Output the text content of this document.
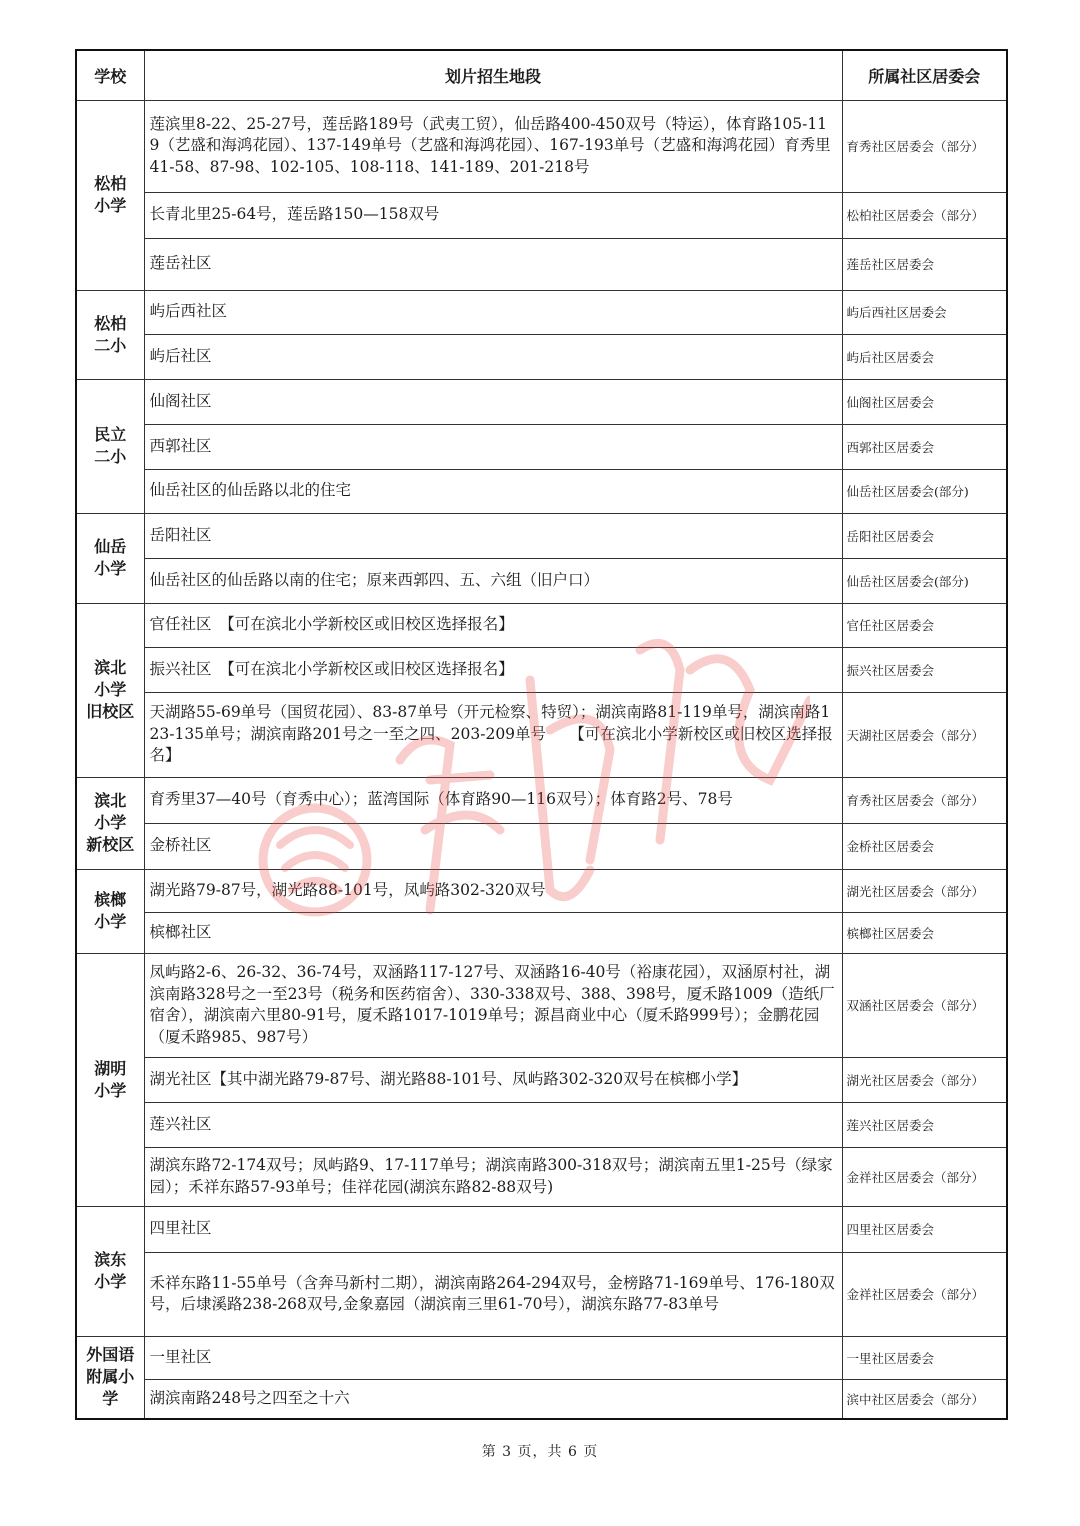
学校	划片招生地段	所属社区居委会
松柏
小学	莲滨里8-22、25-27号，莲岳路189号（武夷工贸），仙岳路400-450双号（特运），体育路105-119（艺盛和海鸿花园）、137-149单号（艺盛和海鸿花园）、167-193单号（艺盛和海鸿花园）育秀里41-58、87-98、102-105、108-118、141-189、201-218号	育秀社区居委会（部分）
	长青北里25-64号，莲岳路150—158双号	松柏社区居委会（部分）
	莲岳社区	莲岳社区居委会
松柏
二小	屿后西社区	屿后西社区居委会
	屿后社区	屿后社区居委会
民立
二小	仙阁社区	仙阁社区居委会
	西郭社区	西郭社区居委会
	仙岳社区的仙岳路以北的住宅	仙岳社区居委会(部分)
仙岳
小学	岳阳社区	岳阳社区居委会
	仙岳社区的仙岳路以南的住宅；原来西郭四、五、六组（旧户口）	仙岳社区居委会(部分)
滨北
小学
旧校区	官任社区　【可在滨北小学新校区或旧校区选择报名】	官任社区居委会
	振兴社区　【可在滨北小学新校区或旧校区选择报名】	振兴社区居委会
	天湖路55-69单号（国贸花园）、83-87单号（开元检察、特贸）；湖滨南路81-119单号，湖滨南路123-135单号；湖滨南路201号之一至之四、203-209单号　　【可在滨北小学新校区或旧校区选择报名】	天湖社区居委会（部分）
滨北
小学
新校区	育秀里37—40号（育秀中心）；蓝湾国际（体育路90—116双号）；体育路2号、78号	育秀社区居委会（部分）
	金桥社区	金桥社区居委会
槟榔
小学	湖光路79-87号，湖光路88-101号，凤屿路302-320双号	湖光社区居委会（部分）
	槟榔社区	槟榔社区居委会
湖明
小学	凤屿路2-6、26-32、36-74号，双涵路117-127号、双涵路16-40号（裕康花园），双涵原村社，湖滨南路328号之一至23号（税务和医药宿舍）、330-338双号、388、398号，厦禾路1009（造纸厂宿舍），湖滨南六里80-91号，厦禾路1017-1019单号；源昌商业中心（厦禾路999号）；金鹏花园（厦禾路985、987号）	双涵社区居委会（部分）
	湖光社区【其中湖光路79-87号、湖光路88-101号、凤屿路302-320双号在槟榔小学】	湖光社区居委会（部分）
	莲兴社区	莲兴社区居委会
	湖滨东路72-174双号；凤屿路9、17-117单号；湖滨南路300-318双号；湖滨南五里1-25号（绿家园）；禾祥东路57-93单号；佳祥花园(湖滨东路82-88双号)	金祥社区居委会（部分）
滨东
小学	四里社区	四里社区居委会
	禾祥东路11-55单号（含奔马新村二期），湖滨南路264-294双号，金榜路71-169单号、176-180双号，后埭溪路238-268双号,金象嘉园（湖滨南三里61-70号），湖滨东路77-83单号	金祥社区居委会（部分）
外国语
附属小
学	一里社区	一里社区居委会
	湖滨南路248号之四至之十六	滨中社区居委会（部分）
第 3 页，共 6 页
